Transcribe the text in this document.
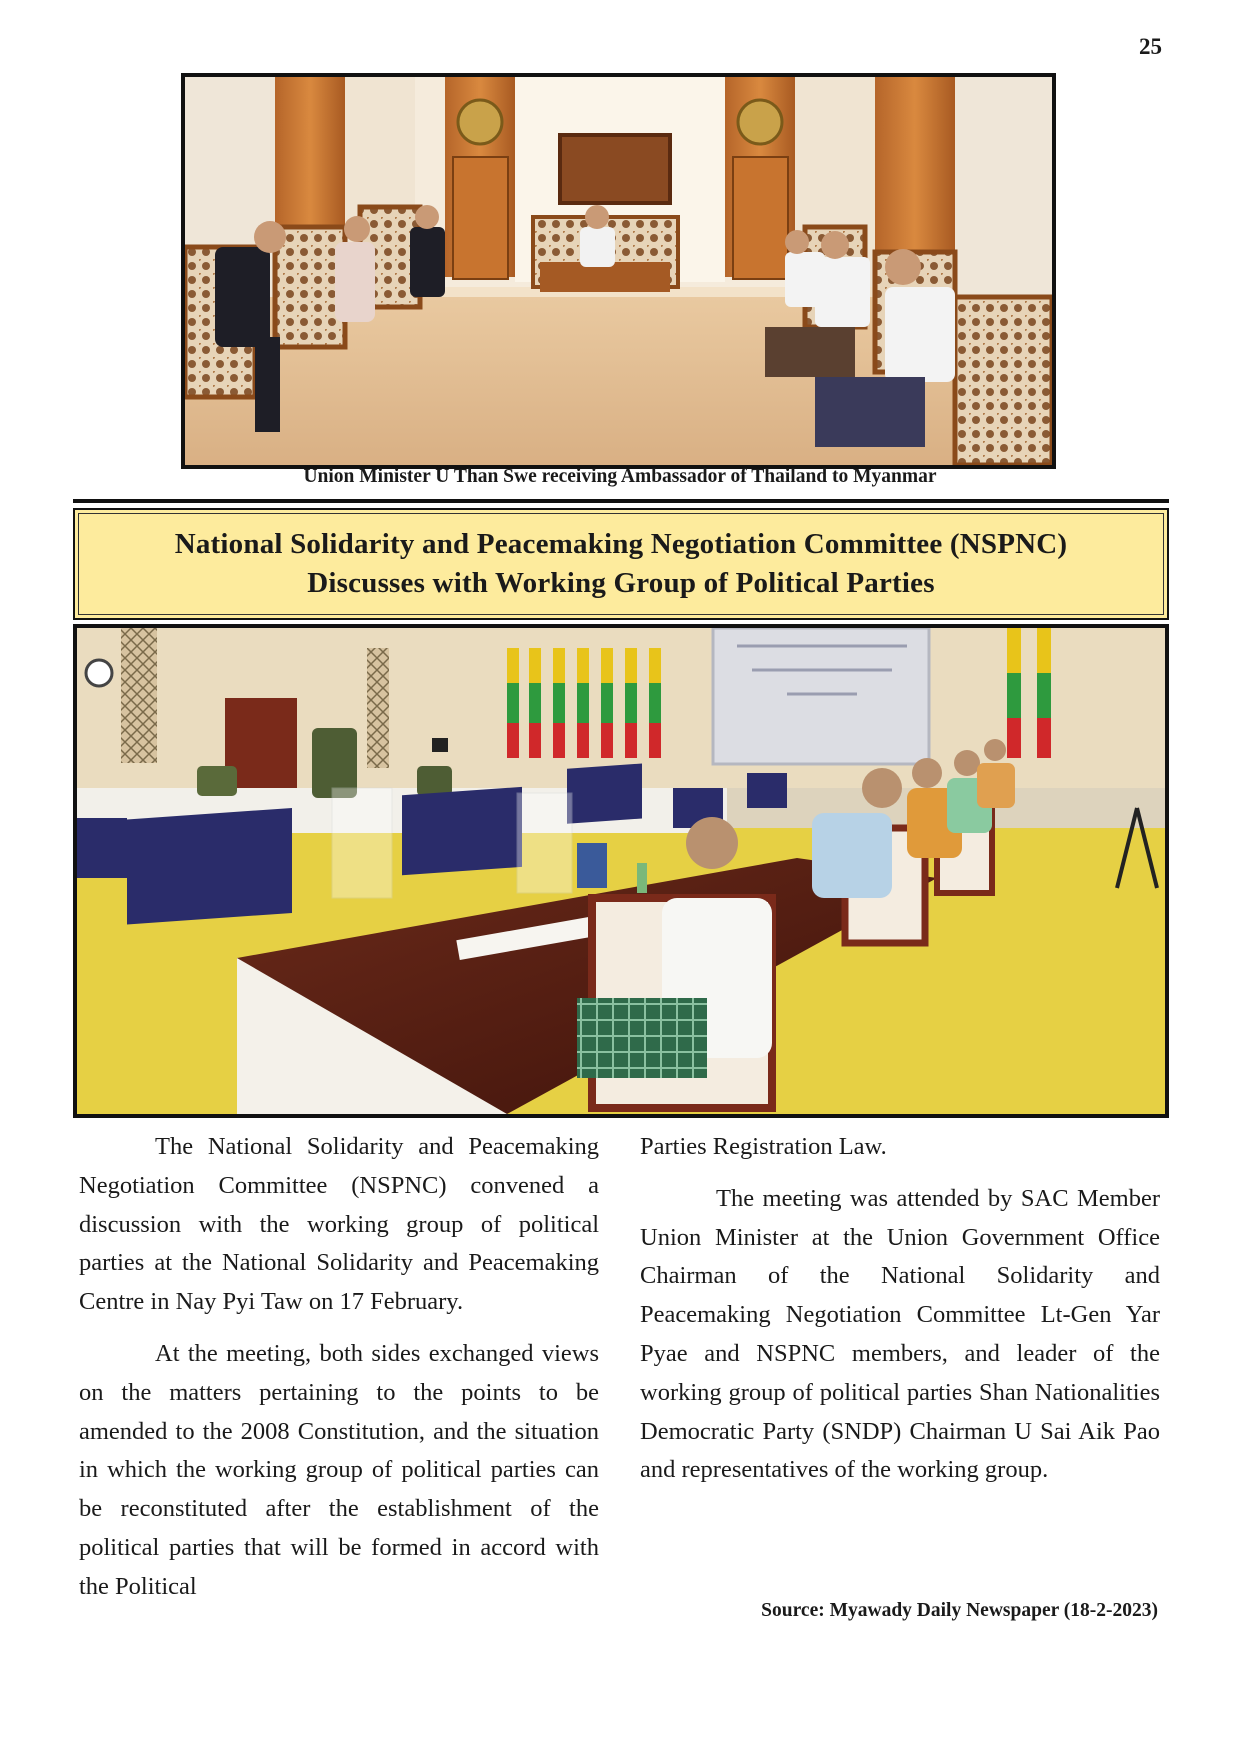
25
Union Minister U Than Swe receiving Ambassador of Thailand to Myanmar
National Solidarity and Peacemaking Negotiation Committee (NSPNC)
Discusses with Working Group of Political Parties

The National Solidarity and Peacemaking Negotiation Committee (NSPNC) convened a discussion with the working group of political parties at the National Solidarity and Peacemaking Centre in Nay Pyi Taw on 17 February.

At the meeting, both sides exchanged views on the matters pertaining to the points to be amended to the 2008 Constitution, and the situation in which the working group of political parties can be reconstituted after the establishment of the political parties that will be formed in accord with the Political

Parties Registration Law.

The meeting was attended by SAC Member Union Minister at the Union Government Office Chairman of the National Solidarity and Peacemaking Negotiation Committee Lt-Gen Yar Pyae and NSPNC members, and leader of the working group of political parties Shan Nationalities Democratic Party (SNDP) Chairman U Sai Aik Pao and representatives of the working group.

Source: Myawady Daily Newspaper (18-2-2023)
